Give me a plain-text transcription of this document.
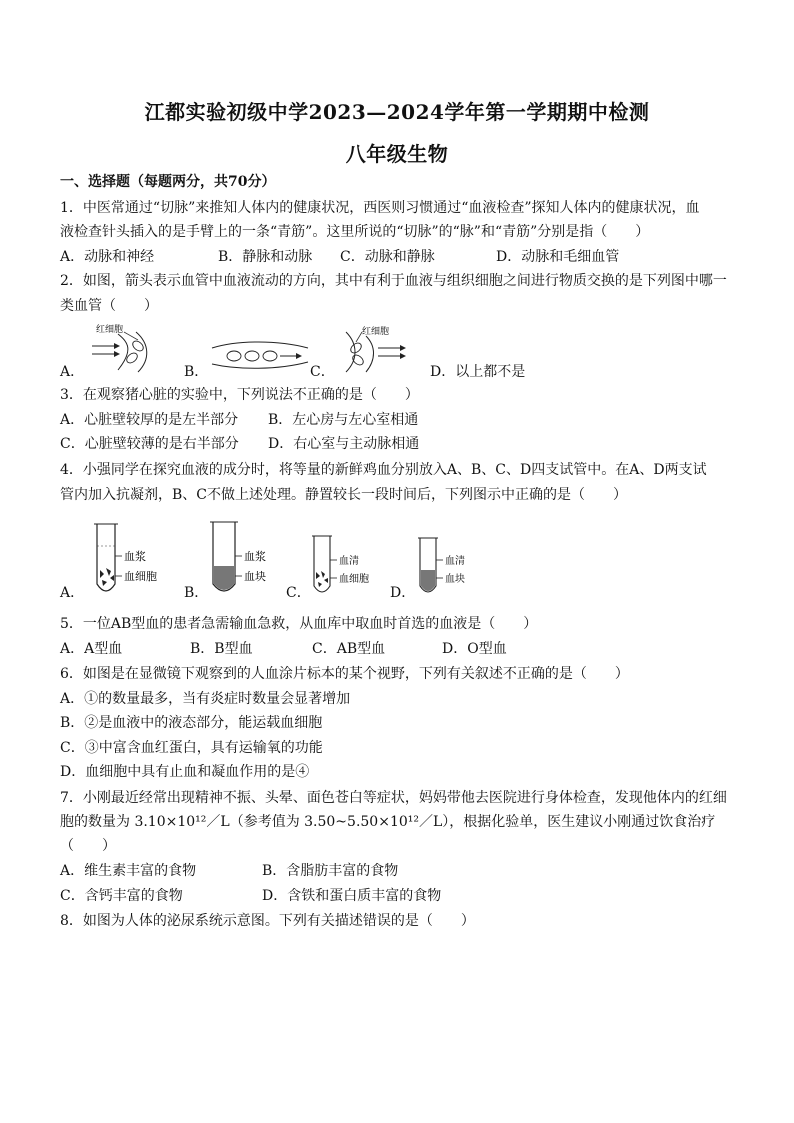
江都实验初级中学2023—2024学年第一学期期中检测
八年级生物
一、选择题（每题两分，共70分）
1．中医常通过“切脉”来推知人体内的健康状况，西医则习惯通过“血液检查”探知人体内的健康状况，血
液检查针头插入的是手臂上的一条“青筋”。这里所说的“切脉”的“脉”和“青筋”分别是指（　　）
A．动脉和神经	B．静脉和动脉 C．动脉和静脉	D．动脉和毛细血管
2．如图，箭头表示血管中血液流动的方向，其中有利于血液与组织细胞之间进行物质交换的是下列图中哪一
类血管（　　）
A．
红细胞
B．	C．
红细胞
D．以上都不是
3．在观察猪心脏的实验中，下列说法不正确的是（　　）
A．心脏壁较厚的是左半部分 B．左心房与左心室相通
C．心脏壁较薄的是右半部分 D．右心室与主动脉相通
4．小强同学在探究血液的成分时，将等量的新鲜鸡血分别放入A、B、C、D四支试管中。在A、D两支试
管内加入抗凝剂，B、C不做上述处理。静置较长一段时间后，下列图示中正确的是（　　）
A．
血浆
血细胞
B．
血浆
血块
C．
血清
血细胞
D．
血清
血块
5．一位AB型血的患者急需输血急救，从血库中取血时首选的血液是（　　）
A．A型血	B．B型血	C．AB型血	D．O型血
6．如图是在显微镜下观察到的人血涂片标本的某个视野，下列有关叙述不正确的是（　　）
A．①的数量最多，当有炎症时数量会显著增加
B．②是血液中的液态部分，能运载血细胞
C．③中富含血红蛋白，具有运输氧的功能
D．血细胞中具有止血和凝血作用的是④
7．小刚最近经常出现精神不振、头晕、面色苍白等症状，妈妈带他去医院进行身体检查，发现他体内的红细
胞的数量为 3.10×10¹²／L（参考值为 3.50~5.50×10¹²／L），根据化验单，医生建议小刚通过饮食治疗
（　　）
A．维生素丰富的食物	B．含脂肪丰富的食物
C．含钙丰富的食物	D．含铁和蛋白质丰富的食物
8．如图为人体的泌尿系统示意图。下列有关描述错误的是（　　）
